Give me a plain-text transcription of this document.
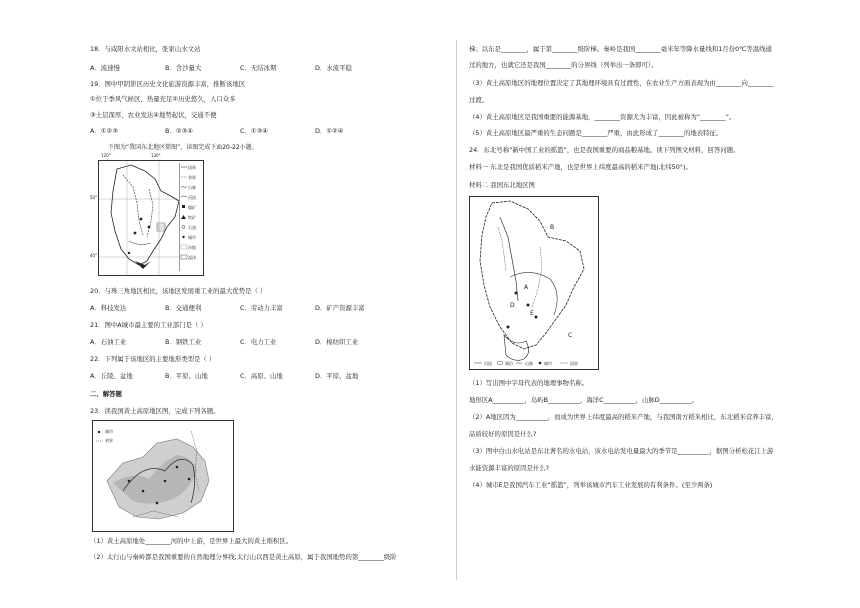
18．与咸阳水文站相比，张家山水文站
A．流速慢	B．含沙量大	C．无结冰期	D．水流平稳
19．图中甲阴影区历史文化旅游资源丰富，推断该地区
①位于季风气候区，热量充足②历史悠久，人口众多
③土层深厚，农业发达④地势起伏，交通不便
A．①②③	B．②③④	C．①③④	D．①②④
下图为“我国东北地区简图”，读图完成下面20-22小题。
120°	130°
50°
40°
国界
省界
山脉
河流
煤矿
铁矿
石油
城市
沙地
湿泽
20．与珠三角地区相比，该地区发展重工业的最大优势是（ ）
A．科技发达	B．交通便利	C．劳动力丰富	D．矿产资源丰富
21．图中A城市最主要的工业部门是（ ）
A．石油工业	B．钢铁工业	C．电力工业	D．棉纺织工业
22．下列属于该地区的主要地形类型是（ ）
A．丘陵、盆地	B．平原、山地	C．高原、山地	D．平原、盆地
二、解答题
23．读我国黄土高原地区图，完成下列各题。
城市
省界
（1）黄土高原地处________河的中上游，是世界上最大的黄土堆积区。
（2）太行山与秦岭都是我国重要的自然地理分界线;太行山以西是黄土高原，属于我国地势的第________级阶
梯；以东是________，属于第________级阶梯。秦岭是我国________毫米年等降水量线和1月份0℃等温线通
过的地方，也就它还是我国________的分界线（列举出一条即可）。
（3）黄土高原地区的地理位置决定了其地理环境具有过渡性，在农业生产方面表现为由________向________
过渡。
（4）黄土高原地区是我国重要的能源基地，________资源尤为丰富，因此被称为“________”。
（5）黄土高原地区最严重的生态问题是________严重，由此形成了________的地表特征。
24．东北号称“新中国工业的摇篮”，也是我国重要的商品粮基地。读下列图文材料，回答问题。
材料一 东北是我国优质稻米产地，也是世界上纬度最高的稻米产地(北纬50°)。
材料二 我国东北地区图
B
A
D
E
C
河流	湖泊	山脉	城市	国界
（1）写出图中字母代表的地理事物名称。
地形区A__________，岛屿B__________，海洋C__________，山脉D__________。
（2）A地区因为__________，而成为世界上纬度最高的稻米产地，与我国南方稻米相比，东北稻米营养丰富、
品质较好的原因是什么?
（3）图中白山水电站是东北著名的水电站，该水电站发电量最大的季节是__________，据图分析松花江上游
水能资源丰富的原因是什么?
（4）城市E是我国汽车工业“摇篮”，列举该城市汽车工业发展的有利条件。(至少两条)
